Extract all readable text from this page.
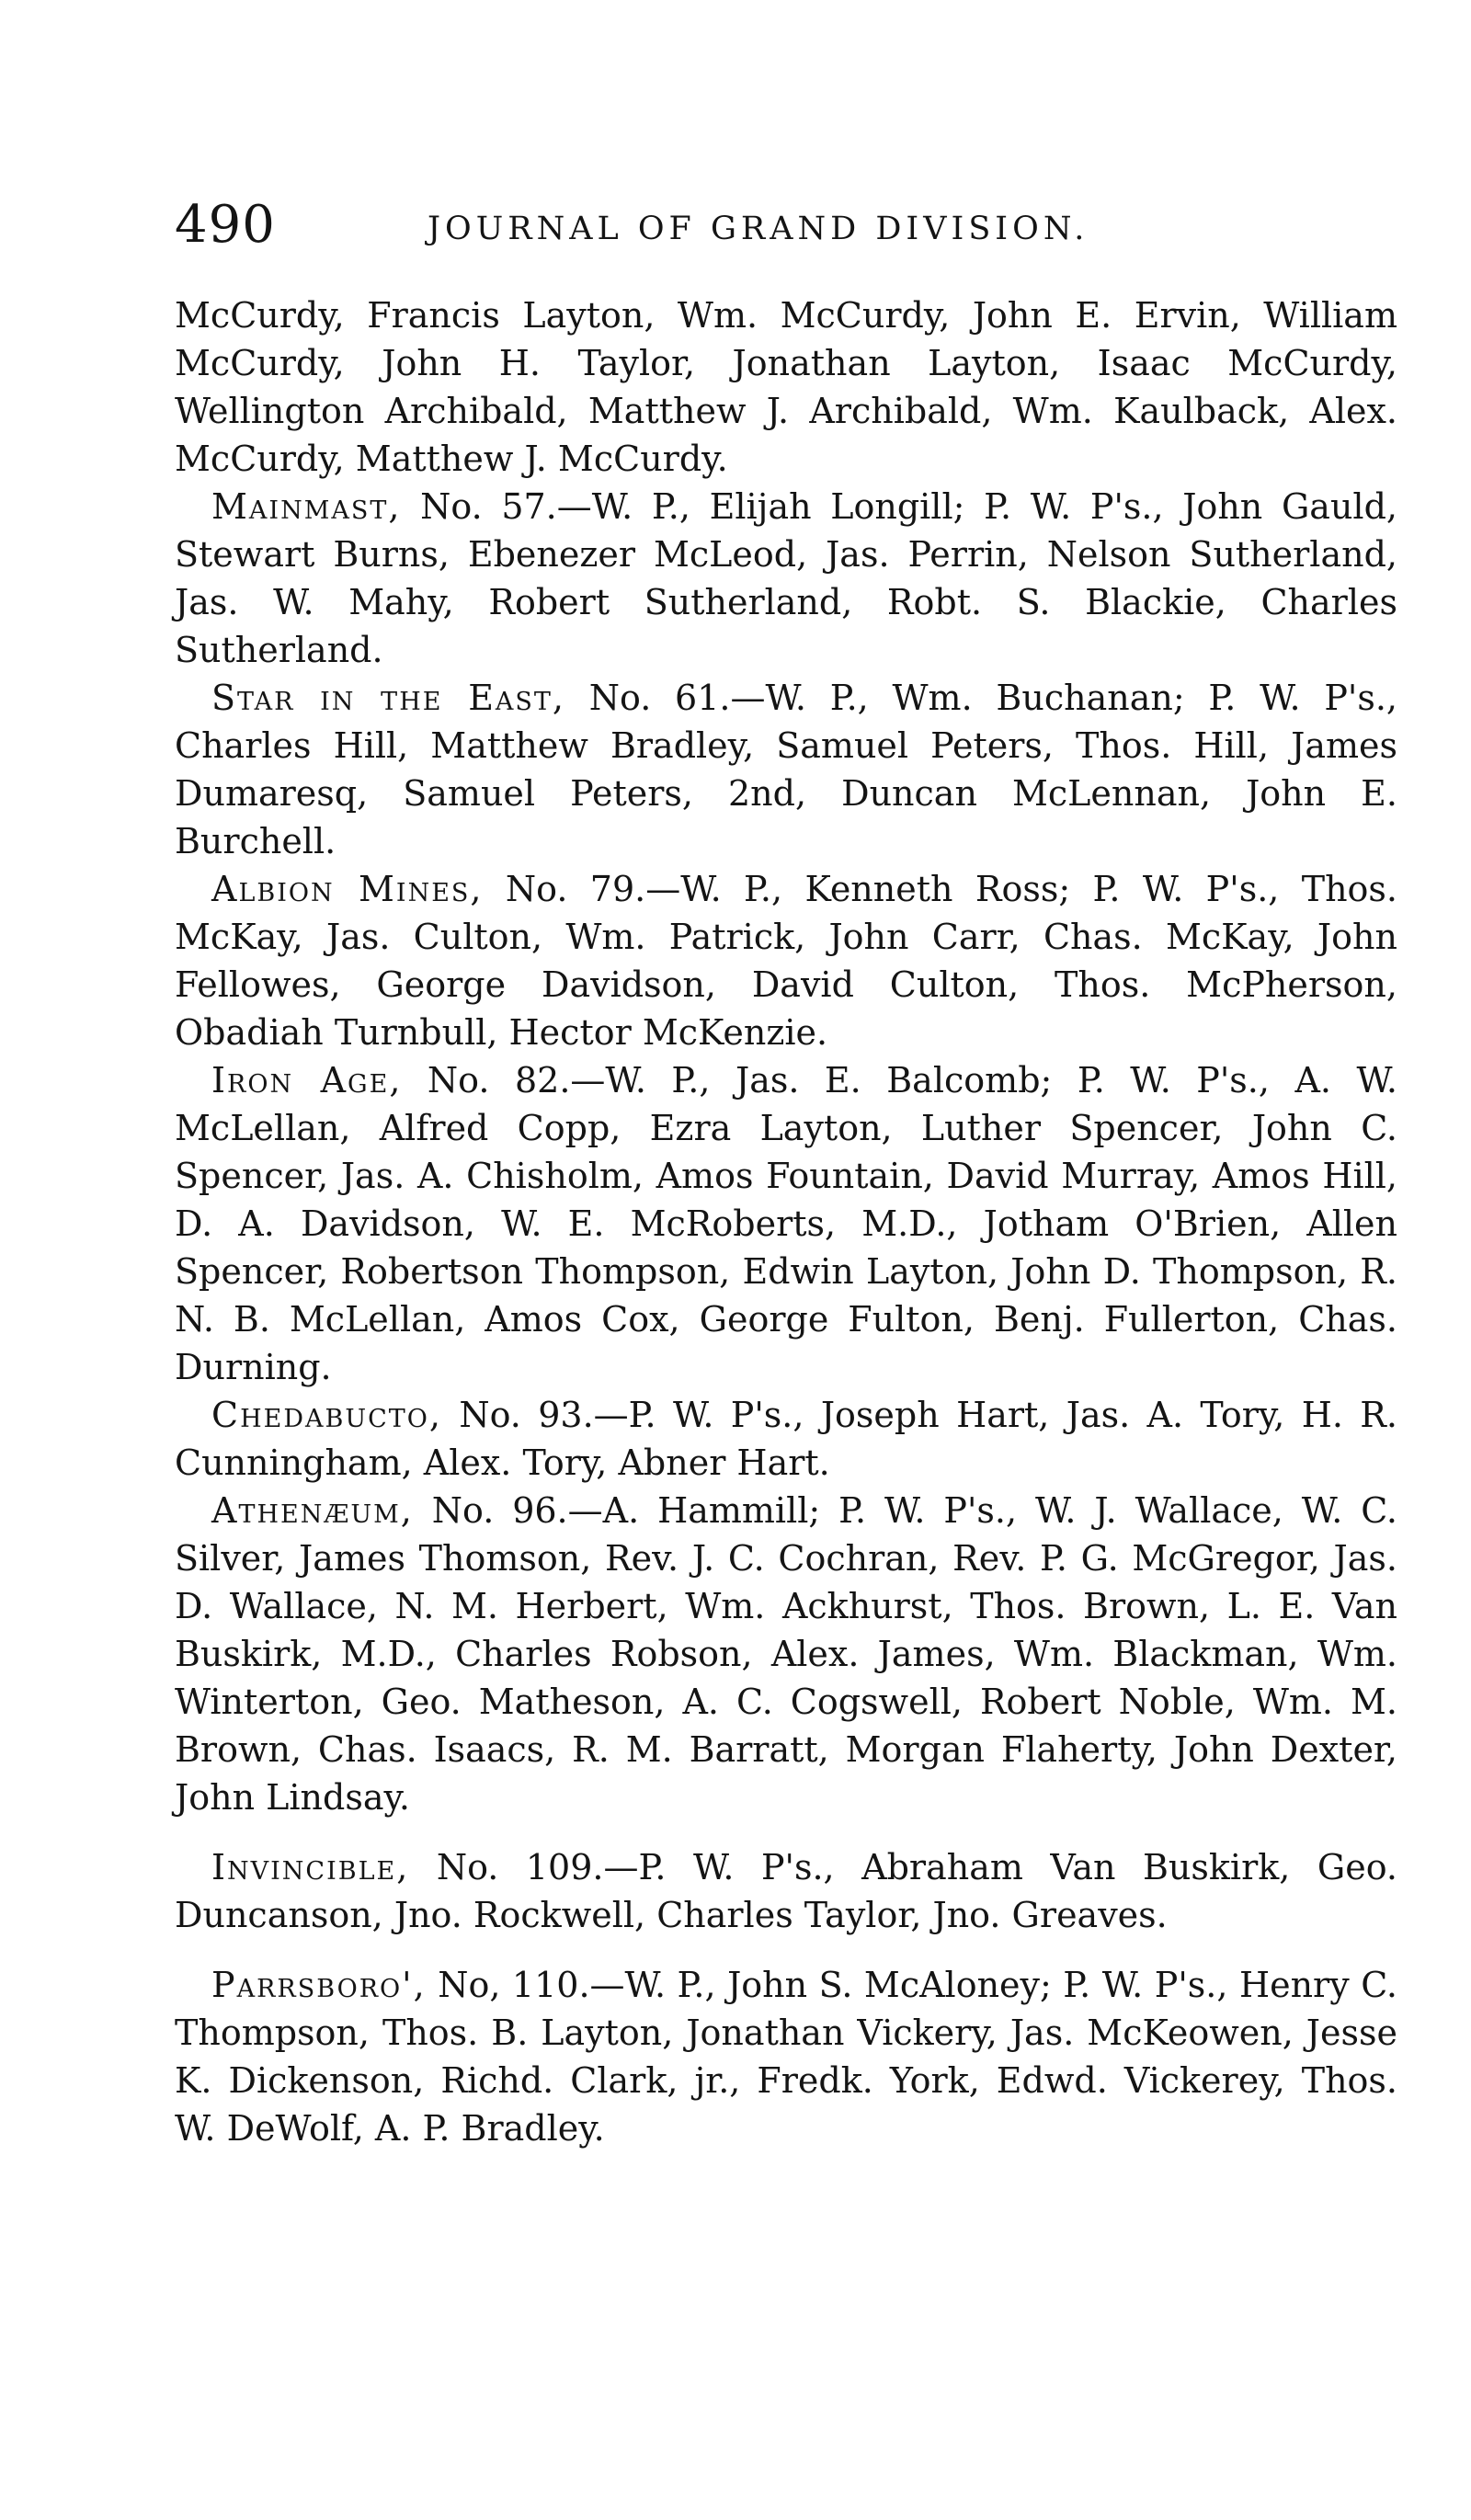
490	JOURNAL OF GRAND DIVISION.

McCurdy, Francis Layton, Wm. McCurdy, John E. Ervin, William McCurdy, John H. Taylor, Jonathan Layton, Isaac McCurdy, Wellington Archibald, Matthew J. Archibald, Wm. Kaulback, Alex. McCurdy, Matthew J. McCurdy.

Mainmast, No. 57.—W. P., Elijah Longill; P. W. P's., John Gauld, Stewart Burns, Ebenezer McLeod, Jas. Perrin, Nelson Sutherland, Jas. W. Mahy, Robert Sutherland, Robt. S. Blackie, Charles Sutherland.

Star in the East, No. 61.—W. P., Wm. Buchanan; P. W. P's., Charles Hill, Matthew Bradley, Samuel Peters, Thos. Hill, James Dumaresq, Samuel Peters, 2nd, Duncan McLennan, John E. Burchell.

Albion Mines, No. 79.—W. P., Kenneth Ross; P. W. P's., Thos. McKay, Jas. Culton, Wm. Patrick, John Carr, Chas. McKay, John Fellowes, George Davidson, David Culton, Thos. McPherson, Obadiah Turnbull, Hector McKenzie.

Iron Age, No. 82.—W. P., Jas. E. Balcomb; P. W. P's., A. W. McLellan, Alfred Copp, Ezra Layton, Luther Spencer, John C. Spencer, Jas. A. Chisholm, Amos Fountain, David Murray, Amos Hill, D. A. Davidson, W. E. McRoberts, M.D., Jotham O'Brien, Allen Spencer, Robertson Thompson, Edwin Layton, John D. Thompson, R. N. B. McLellan, Amos Cox, George Fulton, Benj. Fullerton, Chas. Durning.

Chedabucto, No. 93.—P. W. P's., Joseph Hart, Jas. A. Tory, H. R. Cunningham, Alex. Tory, Abner Hart.

Athenæum, No. 96.—A. Hammill; P. W. P's., W. J. Wallace, W. C. Silver, James Thomson, Rev. J. C. Cochran, Rev. P. G. McGregor, Jas. D. Wallace, N. M. Herbert, Wm. Ackhurst, Thos. Brown, L. E. Van Buskirk, M.D., Charles Robson, Alex. James, Wm. Blackman, Wm. Winterton, Geo. Matheson, A. C. Cogswell, Robert Noble, Wm. M. Brown, Chas. Isaacs, R. M. Barratt, Morgan Flaherty, John Dexter, John Lindsay.

Invincible, No. 109.—P. W. P's., Abraham Van Buskirk, Geo. Duncanson, Jno. Rockwell, Charles Taylor, Jno. Greaves.

Parrsboro', No, 110.—W. P., John S. McAloney; P. W. P's., Henry C. Thompson, Thos. B. Layton, Jonathan Vickery, Jas. McKeowen, Jesse K. Dickenson, Richd. Clark, jr., Fredk. York, Edwd. Vickerey, Thos. W. DeWolf, A. P. Bradley.
